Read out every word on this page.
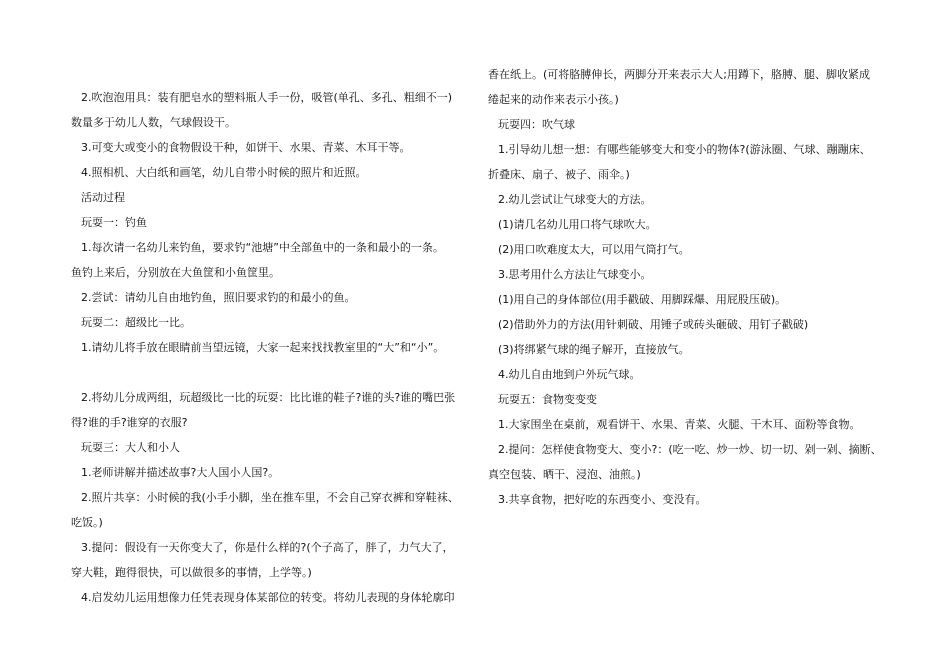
2.吹泡泡用具：装有肥皂水的塑料瓶人手一份，吸管(单孔、多孔、粗细不一)
数量多于幼儿人数，气球假设干。
3.可变大或变小的食物假设干种，如饼干、水果、青菜、木耳干等。
4.照相机、大白纸和画笔，幼儿自带小时候的照片和近照。
活动过程
玩耍一：钓鱼
1.每次请一名幼儿来钓鱼，要求钓“池塘”中全部鱼中的一条和最小的一条。
鱼钓上来后，分别放在大鱼筐和小鱼筐里。
2.尝试：请幼儿自由地钓鱼，照旧要求钓的和最小的鱼。
玩耍二：超级比一比。
1.请幼儿将手放在眼睛前当望远镜，大家一起来找找教室里的“大”和“小”。
2.将幼儿分成两组，玩超级比一比的玩耍：比比谁的鞋子?谁的头?谁的嘴巴张
得?谁的手?谁穿的衣服?
玩耍三：大人和小人
1.老师讲解并描述故事?大人国小人国?。
2.照片共享：小时候的我(小手小脚，坐在推车里，不会自己穿衣裤和穿鞋袜、
吃饭。)
3.提问：假设有一天你变大了，你是什么样的?(个子高了，胖了，力气大了，
穿大鞋，跑得很快，可以做很多的事情，上学等。)
4.启发幼儿运用想像力任凭表现身体某部位的转变。将幼儿表现的身体轮廓印
香在纸上。(可将胳膊伸长，两脚分开来表示大人;用蹲下，胳膊、腿、脚收紧成
绻起来的动作来表示小孩。)
玩耍四：吹气球
1.引导幼儿想一想：有哪些能够变大和变小的物体?(游泳圈、气球、蹦蹦床、
折叠床、扇子、被子、雨伞。)
2.幼儿尝试让气球变大的方法。
(1)请几名幼儿用口将气球吹大。
(2)用口吹难度太大，可以用气筒打气。
3.思考用什么方法让气球变小。
(1)用自己的身体部位(用手戳破、用脚踩爆、用屁股压破)。
(2)借助外力的方法(用针刺破、用锤子或砖头砸破、用钉子戳破)
(3)将绑紧气球的绳子解开，直接放气。
4.幼儿自由地到户外玩气球。
玩耍五：食物变变变
1.大家围坐在桌前，观看饼干、水果、青菜、火腿、干木耳、面粉等食物。
2.提问：怎样使食物变大、变小?：(吃一吃、炒一炒、切一切、剁一剁、摘断、
真空包装、晒干、浸泡、油煎。)
3.共享食物，把好吃的东西变小、变没有。
